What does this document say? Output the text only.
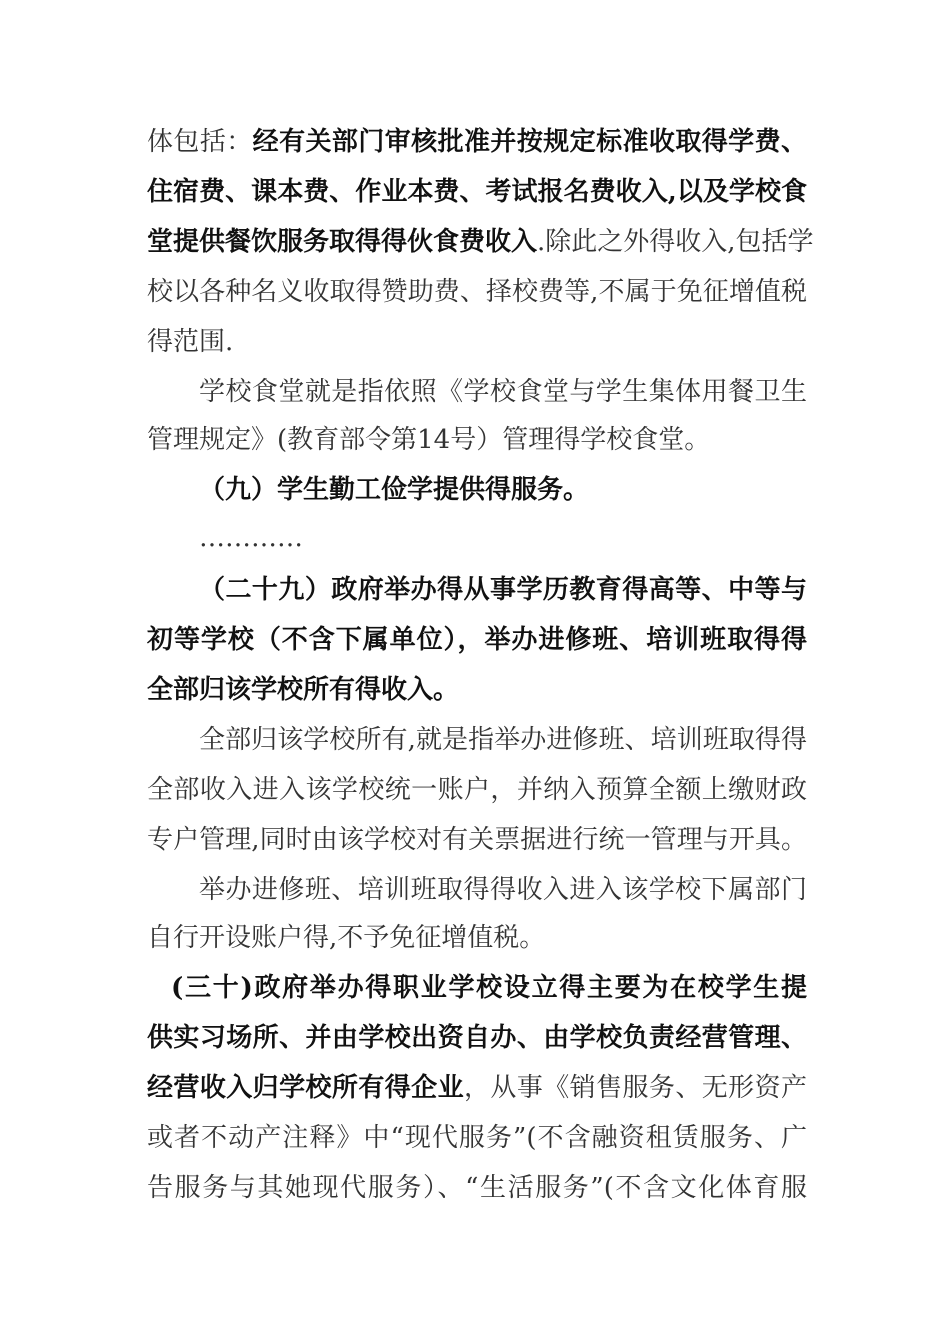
体包括：经有关部门审核批准并按规定标准收取得学费、
住宿费、课本费、作业本费、考试报名费收入,以及学校食
堂提供餐饮服务取得得伙食费收入.除此之外得收入,包括学
校以各种名义收取得赞助费、择校费等,不属于免征增值税
得范围.
学校食堂就是指依照《学校食堂与学生集体用餐卫生
管理规定》(教育部令第14号）管理得学校食堂。
（九）学生勤工俭学提供得服务。
…………
（二十九）政府举办得从事学历教育得高等、中等与
初等学校（不含下属单位），举办进修班、培训班取得得
全部归该学校所有得收入。
全部归该学校所有,就是指举办进修班、培训班取得得
全部收入进入该学校统一账户，并纳入预算全额上缴财政
专户管理,同时由该学校对有关票据进行统一管理与开具。
举办进修班、培训班取得得收入进入该学校下属部门
自行开设账户得,不予免征增值税。
(三十)政府举办得职业学校设立得主要为在校学生提
供实习场所、并由学校出资自办、由学校负责经营管理、
经营收入归学校所有得企业，从事《销售服务、无形资产
或者不动产注释》中“现代服务”(不含融资租赁服务、广
告服务与其她现代服务）、“生活服务”(不含文化体育服
